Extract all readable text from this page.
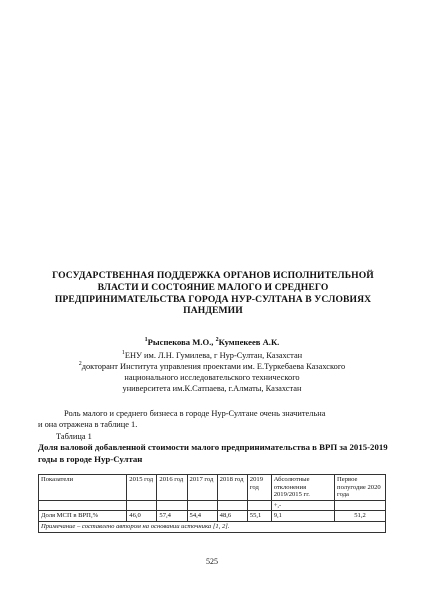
ГОСУДАРСТВЕННАЯ ПОДДЕРЖКА ОРГАНОВ ИСПОЛНИТЕЛЬНОЙ
ВЛАСТИ И СОСТОЯНИЕ МАЛОГО И СРЕДНЕГО
ПРЕДПРИНИМАТЕЛЬСТВА ГОРОДА НУР-СУЛТАНА В УСЛОВИЯХ
ПАНДЕМИИ
$^1$Рыспекова М.О., $^2$Кумпекеев А.К.
$^1$ЕНУ им. Л.Н. Гумилева, г Нур-Султан, Казахстан
$^2$докторант Института управления проектами им. Е.Туркебаева Казахского
национального исследовательского технического
университета им.К.Сатпаева, г.Алматы, Казахстан
Роль малого и среднего бизнеса в городе Нур-Султане очень значительна
и она отражена в таблице 1.
Таблица 1
Доля валовой добавленной стоимости малого предпринимательства в ВРП за 2015-2019 годы в городе Нур-Султан
Показатели	2015 год	2016 год	2017 год	2018 год	2019 год	Абсолютные отклонения 2019/2015 гг.	Первое полугодие 2020 года
						+,-	
Доля МСП в ВРП,%	46,0	57,4	54,4	48,6	55,1	9,1	51,2
Примечание – составлено автором на основании источника [1, 2].							
525
